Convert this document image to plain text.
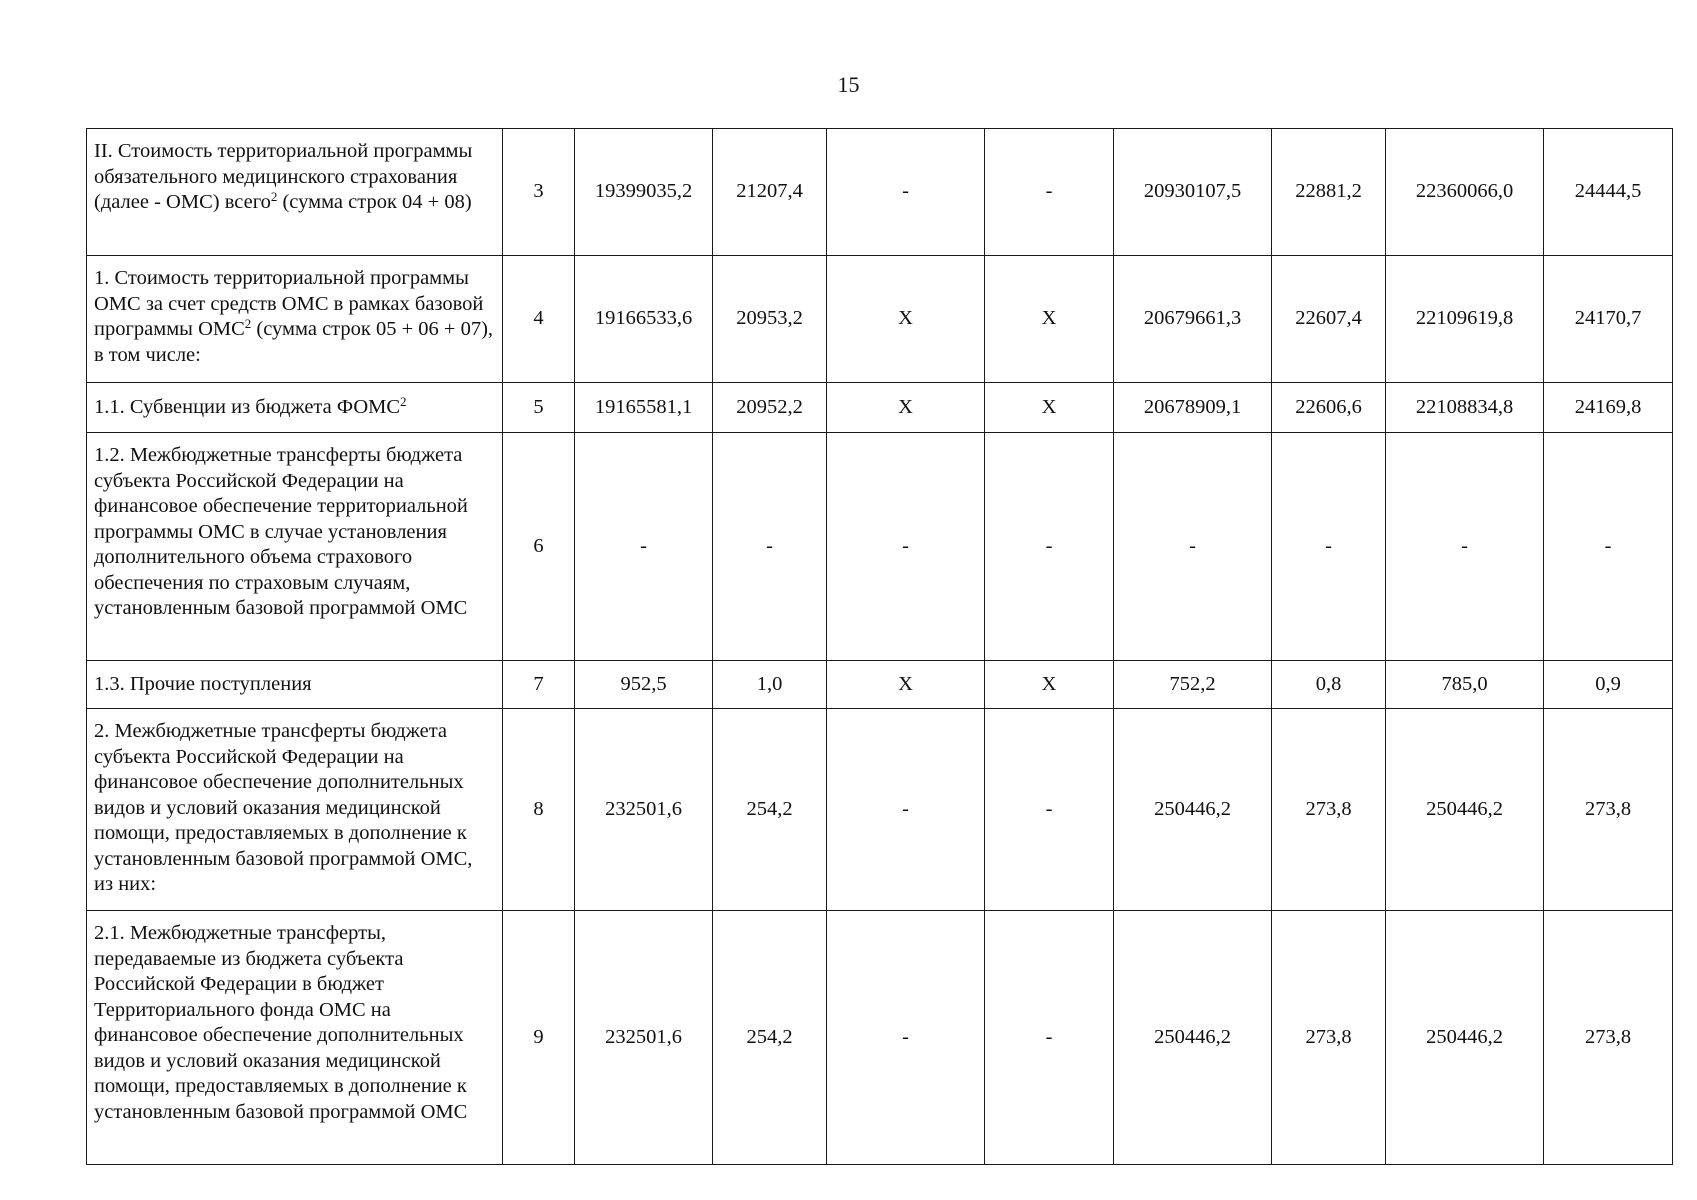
15
II. Стоимость территориальной программы обязательного медицинского страхования (далее - ОМС) всего$^2$ (сумма строк 04 + 08)	3	19399035,2	21207,4	-	-	20930107,5	22881,2	22360066,0	24444,5
1. Стоимость территориальной программы ОМС за счет средств ОМС в рамках базовой программы ОМС$^2$ (сумма строк 05 + 06 + 07), в том числе:	4	19166533,6	20953,2	X	X	20679661,3	22607,4	22109619,8	24170,7
1.1. Субвенции из бюджета ФОМС$^2$	5	19165581,1	20952,2	X	X	20678909,1	22606,6	22108834,8	24169,8
1.2. Межбюджетные трансферты бюджета субъекта Российской Федерации на финансовое обеспечение территориальной программы ОМС в случае установления дополнительного объема страхового обеспечения по страховым случаям, установленным базовой программой ОМС	6	-	-	-	-	-	-	-	-
1.3. Прочие поступления	7	952,5	1,0	X	X	752,2	0,8	785,0	0,9
2. Межбюджетные трансферты бюджета субъекта Российской Федерации на финансовое обеспечение дополнительных видов и условий оказания медицинской помощи, предоставляемых в дополнение к установленным базовой программой ОМС, из них:	8	232501,6	254,2	-	-	250446,2	273,8	250446,2	273,8
2.1. Межбюджетные трансферты, передаваемые из бюджета субъекта Российской Федерации в бюджет Территориального фонда ОМС на финансовое обеспечение дополнительных видов и условий оказания медицинской помощи, предоставляемых в дополнение к установленным базовой программой ОМС	9	232501,6	254,2	-	-	250446,2	273,8	250446,2	273,8
